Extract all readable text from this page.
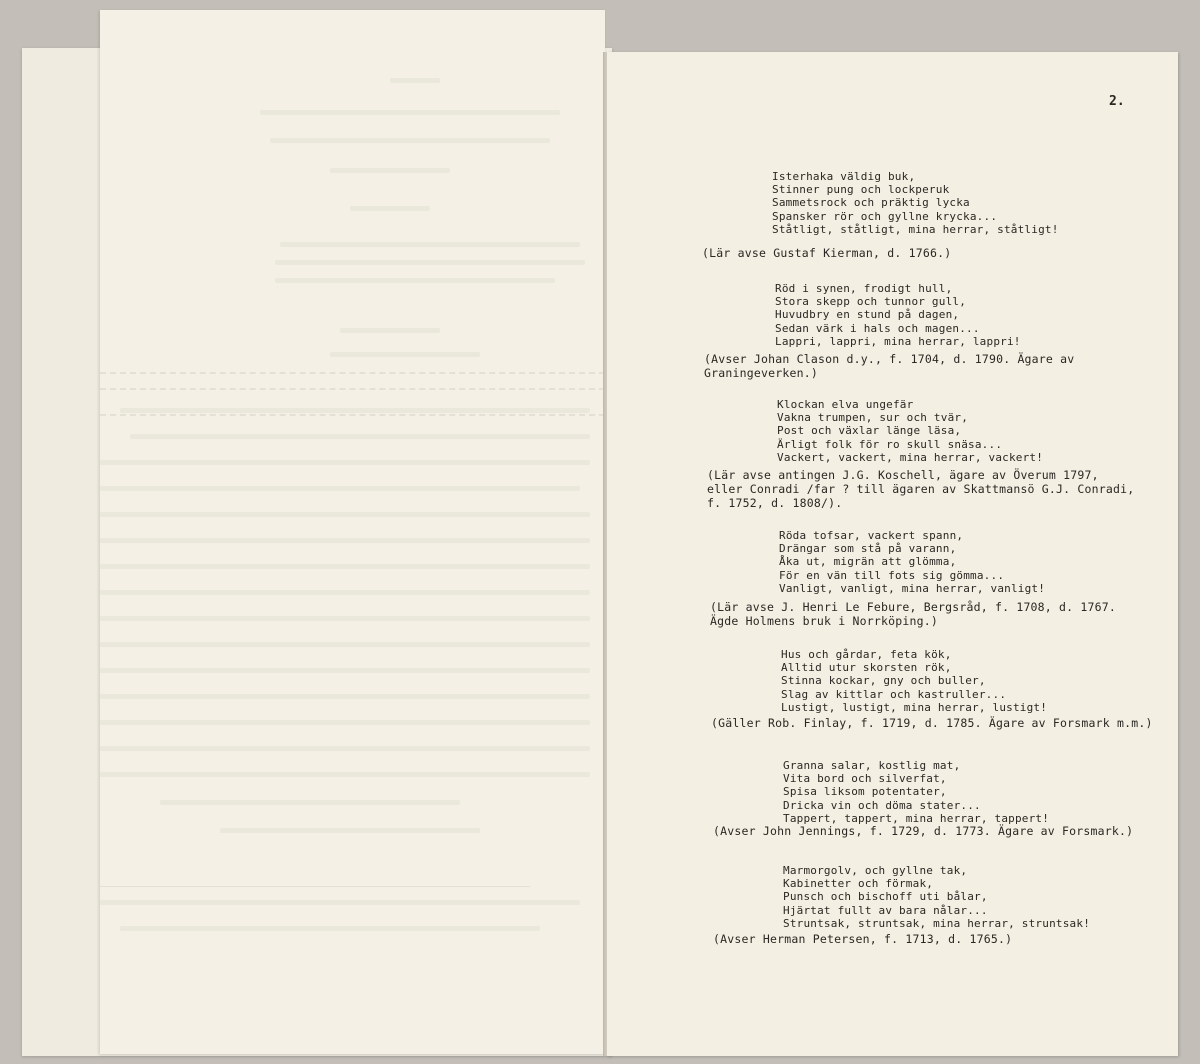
2.
Isterhaka väldig buk,
Stinner pung och lockperuk
Sammetsrock och präktig lycka
Spansker rör och gyllne krycka...
Ståtligt, ståtligt, mina herrar, ståtligt!
(Lär avse Gustaf Kierman, d. 1766.)
Röd i synen, frodigt hull,
Stora skepp och tunnor gull,
Huvudbry en stund på dagen,
Sedan värk i hals och magen...
Lappri, lappri, mina herrar, lappri!
(Avser Johan Clason d.y., f. 1704, d. 1790. Ägare av
Graningeverken.)
Klockan elva ungefär
Vakna trumpen, sur och tvär,
Post och växlar länge läsa,
Ärligt folk för ro skull snäsa...
Vackert, vackert, mina herrar, vackert!
(Lär avse antingen J.G. Koschell, ägare av Överum 1797,
eller Conradi /far ? till ägaren av Skattmansö G.J. Conradi,
f. 1752, d. 1808/).
Röda tofsar, vackert spann,
Drängar som stå på varann,
Åka ut, migrän att glömma,
För en vän till fots sig gömma...
Vanligt, vanligt, mina herrar, vanligt!
(Lär avse J. Henri Le Febure, Bergsråd, f. 1708, d. 1767.
Ägde Holmens bruk i Norrköping.)
Hus och gårdar, feta kök,
Alltid utur skorsten rök,
Stinna kockar, gny och buller,
Slag av kittlar och kastruller...
Lustigt, lustigt, mina herrar, lustigt!
(Gäller Rob. Finlay, f. 1719, d. 1785. Ägare av Forsmark m.m.)
Granna salar, kostlig mat,
Vita bord och silverfat,
Spisa liksom potentater,
Dricka vin och döma stater...
Tappert, tappert, mina herrar, tappert!
(Avser John Jennings, f. 1729, d. 1773. Ägare av Forsmark.)
Marmorgolv, och gyllne tak,
Kabinetter och förmak,
Punsch och bischoff uti bålar,
Hjärtat fullt av bara nålar...
Struntsak, struntsak, mina herrar, struntsak!
(Avser Herman Petersen, f. 1713, d. 1765.)
